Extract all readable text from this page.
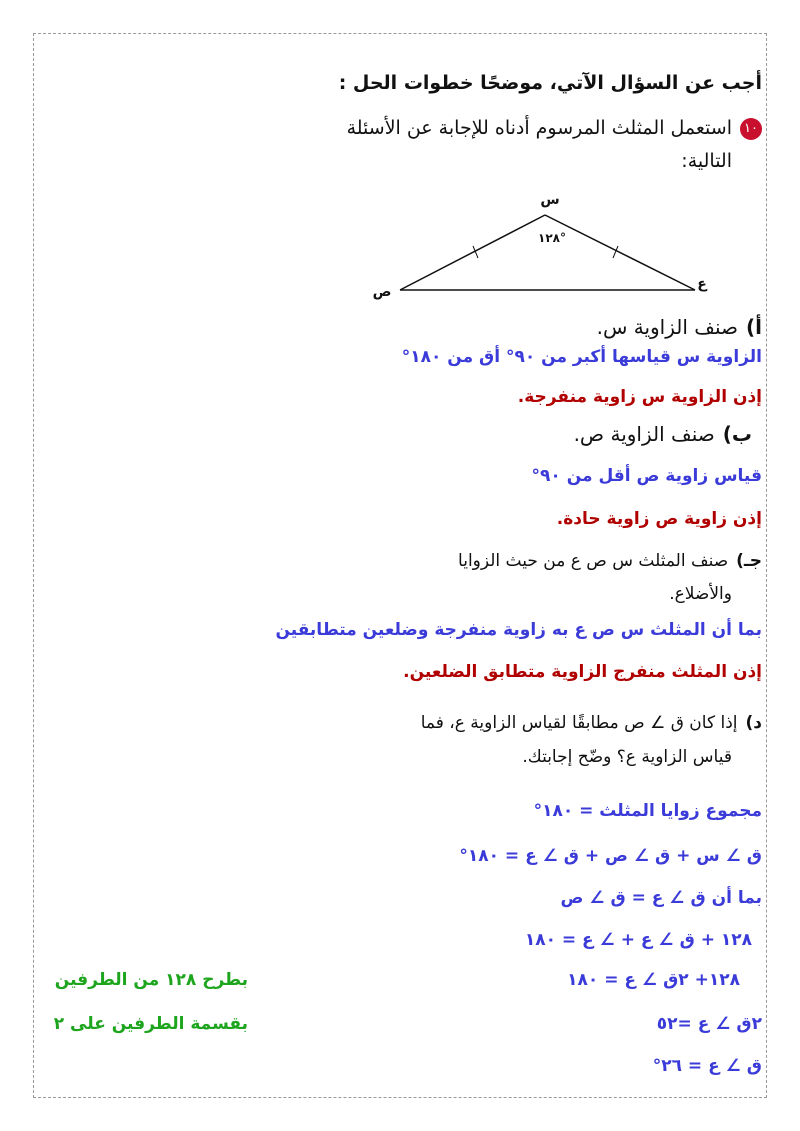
أجب عن السؤال الآتي، موضحًا خطوات الحل :
١٠استعمل المثلث المرسوم أدناه للإجابة عن الأسئلة
التالية:
س
ص	ع
°١٢٨
أ)صنف الزاوية س.
الزاوية س قياسها أكبر من ٩٠° أق من ١٨٠°
إذن الزاوية س زاوية منفرجة.
ب)صنف الزاوية ص.
قياس زاوية ص أقل من ٩٠°
إذن زاوية ص زاوية حادة.
جـ)صنف المثلث س ص ع من حيث الزوايا
والأضلاع.
بما أن المثلث س ص ع به زاوية منفرجة وضلعين متطابقين
إذن المثلث منفرج الزاوية متطابق الضلعين.
د)إذا كان ق ∠ ص مطابقًا لقياس الزاوية ع، فما
قياس الزاوية ع؟ وضّح إجابتك.
مجموع زوايا المثلث = ١٨٠°
ق ∠ س + ق ∠ ص + ق ∠ ع = ١٨٠°
بما أن ق ∠ ع = ق ∠ ص
١٢٨ + ق ∠ ع + ∠ ع = ١٨٠
١٢٨+ ٢ق ∠ ع = ١٨٠
بطرح ١٢٨ من الطرفين
٢ق ∠ ع =٥٢
بقسمة الطرفين على ٢
ق ∠ ع = ٢٦°
